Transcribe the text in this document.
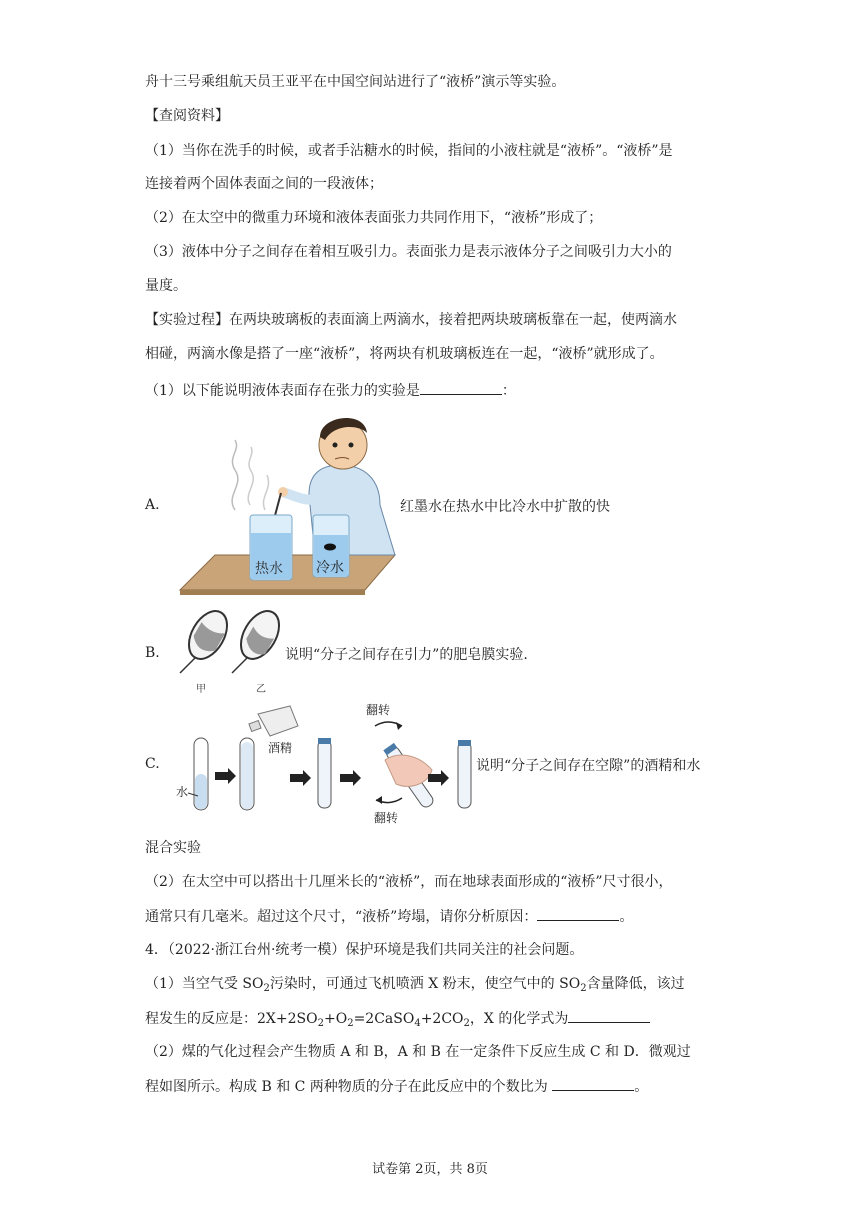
舟十三号乘组航天员王亚平在中国空间站进行了“液桥”演示等实验。
【查阅资料】
（1）当你在洗手的时候，或者手沾糖水的时候，指间的小液柱就是“液桥”。“液桥”是
连接着两个固体表面之间的一段液体；
（2）在太空中的微重力环境和液体表面张力共同作用下，“液桥”形成了；
（3）液体中分子之间存在着相互吸引力。表面张力是表示液体分子之间吸引力大小的
量度。
【实验过程】在两块玻璃板的表面滴上两滴水，接着把两块玻璃板靠在一起，使两滴水
相碰，两滴水像是搭了一座“液桥”，将两块有机玻璃板连在一起，“液桥”就形成了。
（1）以下能说明液体表面存在张力的实验是	：
A.
热水 冷水
红墨水在热水中比冷水中扩散的快
B.
甲	乙
说明“分子之间存在引力”的肥皂膜实验.
C.
水
酒精
翻转
翻转
说明“分子之间存在空隙”的酒精和水
混合实验
（2）在太空中可以搭出十几厘米长的“液桥”，而在地球表面形成的“液桥”尺寸很小，
通常只有几毫米。超过这个尺寸，“液桥”垮塌，请你分析原因：	。
4．（2022·浙江台州·统考一模）保护环境是我们共同关注的社会问题。
（1）当空气受 $SO_2$污染时，可通过飞机喷洒 X 粉末，使空气中的 $SO_2$含量降低，该过
程发生的反应是：$2X+2SO_2+O_2=2CaSO_4+2CO_2$，X 的化学式为
（2）煤的气化过程会产生物质 A 和 B，A 和 B 在一定条件下反应生成 C 和 D．微观过
程如图所示。构成 B 和 C 两种物质的分子在此反应中的个数比为	。
试卷第 2页，共 8页
